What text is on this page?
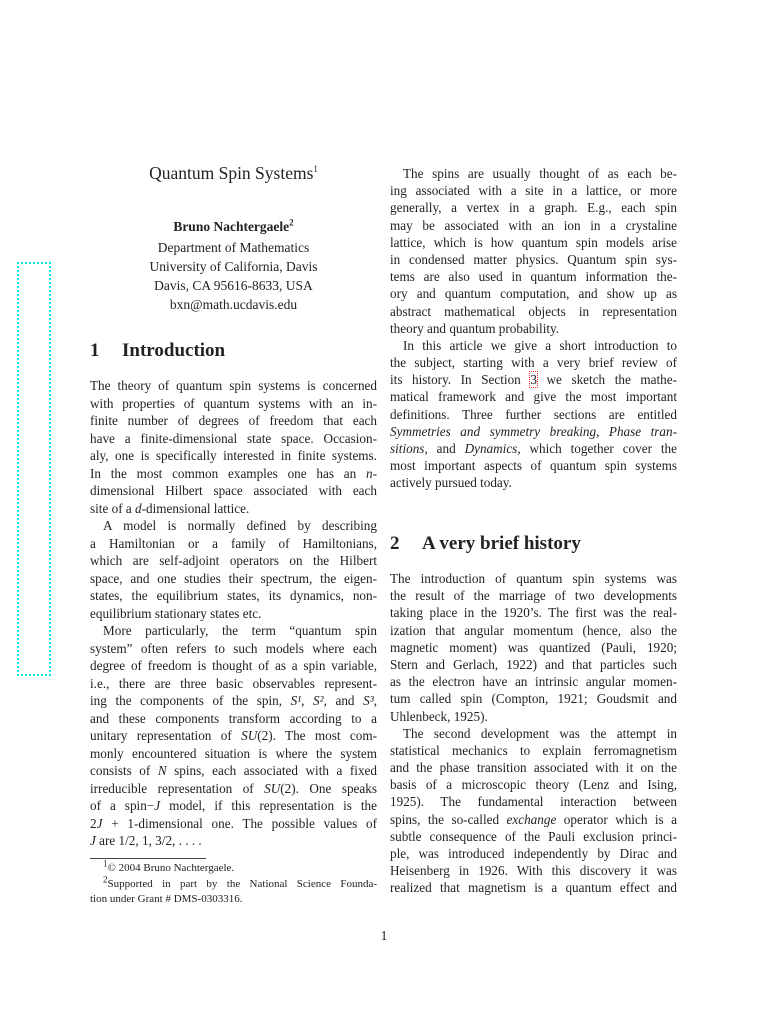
Quantum Spin Systems$^1$
Bruno Nachtergaele$^2$
Department of Mathematics
University of California, Davis
Davis, CA 95616-8633, USA
bxn@math.ucdavis.edu
1 Introduction
The theory of quantum spin systems is concerned
with properties of quantum systems with an in-
finite number of degrees of freedom that each
have a finite-dimensional state space. Occasion-
aly, one is specifically interested in finite systems.
In the most common examples one has an n-
dimensional Hilbert space associated with each
site of a d-dimensional lattice.
A model is normally defined by describing
a Hamiltonian or a family of Hamiltonians,
which are self-adjoint operators on the Hilbert
space, and one studies their spectrum, the eigen-
states, the equilibrium states, its dynamics, non-
equilibrium stationary states etc.
More particularly, the term “quantum spin
system” often refers to such models where each
degree of freedom is thought of as a spin variable,
i.e., there are three basic observables represent-
ing the components of the spin, S¹, S², and S³,
and these components transform according to a
unitary representation of SU(2). The most com-
monly encountered situation is where the system
consists of N spins, each associated with a fixed
irreducible representation of SU(2). One speaks
of a spin−J model, if this representation is the
2J + 1-dimensional one. The possible values of
J are 1/2, 1, 3/2, . . . .
The spins are usually thought of as each be-
ing associated with a site in a lattice, or more
generally, a vertex in a graph. E.g., each spin
may be associated with an ion in a crystaline
lattice, which is how quantum spin models arise
in condensed matter physics. Quantum spin sys-
tems are also used in quantum information the-
ory and quantum computation, and show up as
abstract mathematical objects in representation
theory and quantum probability.
In this article we give a short introduction to
the subject, starting with a very brief review of
its history. In Section 3 we sketch the mathe-
matical framework and give the most important
definitions. Three further sections are entitled
Symmetries and symmetry breaking, Phase tran-
sitions, and Dynamics, which together cover the
most important aspects of quantum spin systems
actively pursued today.
2 A very brief history
The introduction of quantum spin systems was
the result of the marriage of two developments
taking place in the 1920’s. The first was the real-
ization that angular momentum (hence, also the
magnetic moment) was quantized (Pauli, 1920;
Stern and Gerlach, 1922) and that particles such
as the electron have an intrinsic angular momen-
tum called spin (Compton, 1921; Goudsmit and
Uhlenbeck, 1925).
The second development was the attempt in
statistical mechanics to explain ferromagnetism
and the phase transition associated with it on the
basis of a microscopic theory (Lenz and Ising,
1925). The fundamental interaction between
spins, the so-called exchange operator which is a
subtle consequence of the Pauli exclusion princi-
ple, was introduced independently by Dirac and
Heisenberg in 1926. With this discovery it was
realized that magnetism is a quantum effect and
$^1$© 2004 Bruno Nachtergaele.
$^2$Supported in part by the National Science Founda-
tion under Grant # DMS-0303316.
1
